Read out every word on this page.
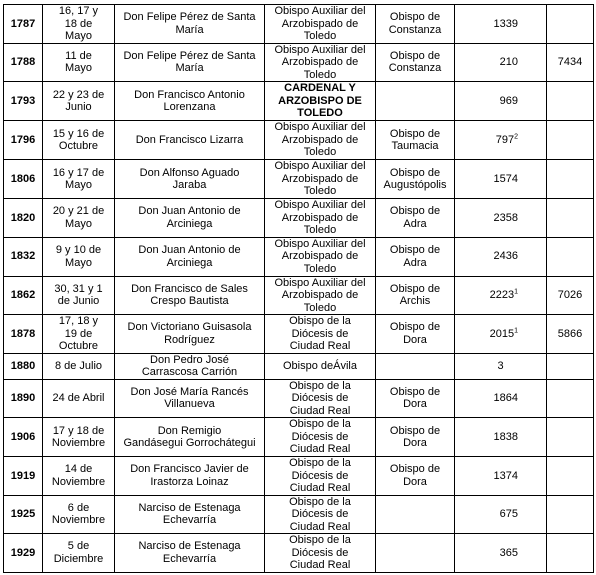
1787	16, 17 y
18 de
Mayo	Don Felipe Pérez de Santa
María	Obispo Auxiliar del
Arzobispado de
Toledo	Obispo de
Constanza	1339	
1788	11 de
Mayo	Don Felipe Pérez de Santa
María	Obispo Auxiliar del
Arzobispado de
Toledo	Obispo de
Constanza	210	7434
1793	22 y 23 de
Junio	Don Francisco Antonio
Lorenzana	CARDENAL Y
ARZOBISPO DE
TOLEDO		969	
1796	15 y 16 de
Octubre	Don Francisco Lizarra	Obispo Auxiliar del
Arzobispado de
Toledo	Obispo de
Taumacia	$797^2$	
1806	16 y 17 de
Mayo	Don Alfonso Aguado
Jaraba	Obispo Auxiliar del
Arzobispado de
Toledo	Obispo de
Augustópolis	1574	
1820	20 y 21 de
Mayo	Don Juan Antonio de
Arciniega	Obispo Auxiliar del
Arzobispado de
Toledo	Obispo de
Adra	2358	
1832	9 y 10 de
Mayo	Don Juan Antonio de
Arciniega	Obispo Auxiliar del
Arzobispado de
Toledo	Obispo de
Adra	2436	
1862	30, 31 y 1
de Junio	Don Francisco de Sales
Crespo Bautista	Obispo Auxiliar del
Arzobispado de
Toledo	Obispo de
Archis	2223$^1$	7026
1878	17, 18 y
19 de
Octubre	Don Victoriano Guisasola
Rodríguez	Obispo de la
Diócesis de
Ciudad Real	Obispo de
Dora	2015$^1$	5866
1880	8 de Julio	Don Pedro José
Carrascosa Carrión	Obispo deÁvila		3	
1890	24 de Abril	Don José María Rancés
Villanueva	Obispo de la
Diócesis de
Ciudad Real	Obispo de
Dora	1864	
1906	17 y 18 de
Noviembre	Don Remigio
Gandásegui Gorrochátegui	Obispo de la
Diócesis de
Ciudad Real	Obispo de
Dora	1838	
1919	14 de
Noviembre	Don Francisco Javier de
Irastorza Loinaz	Obispo de la
Diócesis de
Ciudad Real	Obispo de
Dora	1374	
1925	6 de
Noviembre	Narciso de Estenaga
Echevarría	Obispo de la
Diócesis de
Ciudad Real		675	
1929	5 de
Diciembre	Narciso de Estenaga
Echevarría	Obispo de la
Diócesis de
Ciudad Real		365	
